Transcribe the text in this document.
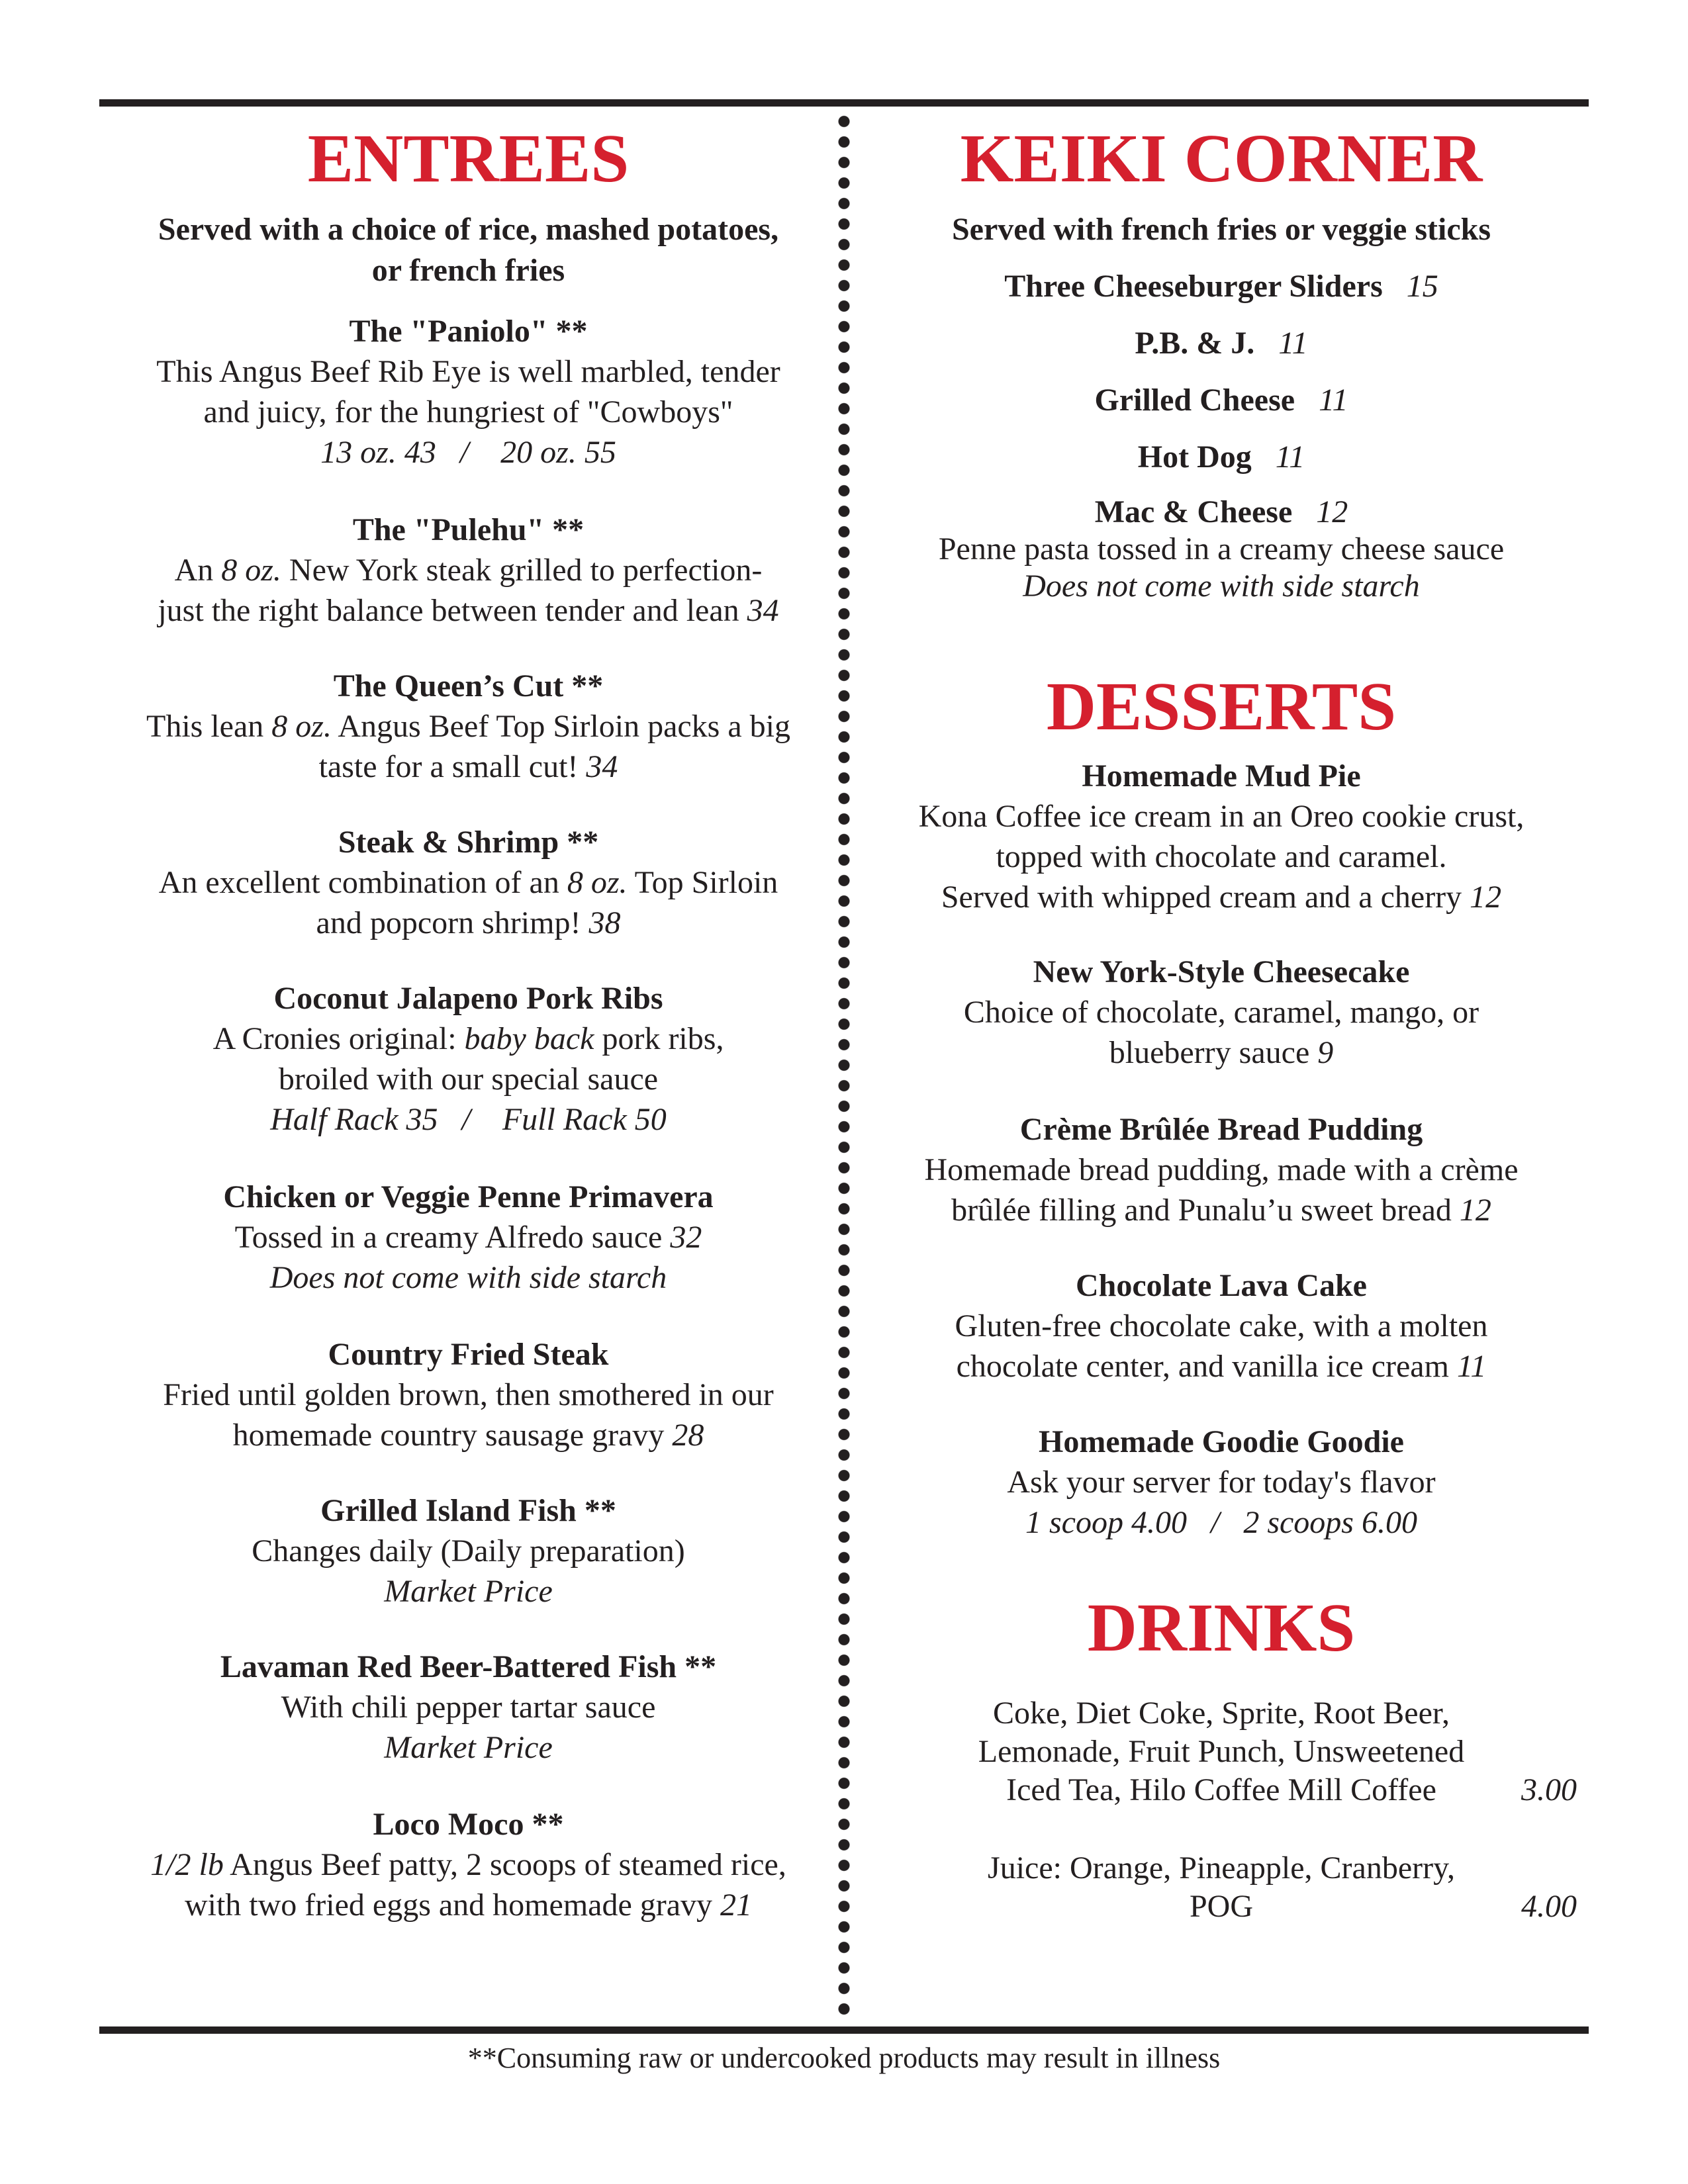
ENTREES
Served with a choice of rice, mashed potatoes,
or french fries
The "Paniolo" **
This Angus Beef Rib Eye is well marbled, tender
and juicy, for the hungriest of "Cowboys"
13 oz. 43   /    20 oz. 55
The "Pulehu" **
An 8 oz. New York steak grilled to perfection-
just the right balance between tender and lean 34
The Queen’s Cut **
This lean 8 oz. Angus Beef Top Sirloin packs a big
taste for a small cut! 34
Steak & Shrimp **
An excellent combination of an 8 oz. Top Sirloin
and popcorn shrimp! 38
Coconut Jalapeno Pork Ribs
A Cronies original: baby back pork ribs,
broiled with our special sauce
Half Rack 35   /    Full Rack 50
Chicken or Veggie Penne Primavera
Tossed in a creamy Alfredo sauce 32
Does not come with side starch
Country Fried Steak
Fried until golden brown, then smothered in our
homemade country sausage gravy 28
Grilled Island Fish **
Changes daily (Daily preparation)
Market Price
Lavaman Red Beer-Battered Fish **
With chili pepper tartar sauce
Market Price
Loco Moco **
1/2 lb Angus Beef patty, 2 scoops of steamed rice,
with two fried eggs and homemade gravy 21
KEIKI CORNER
Served with french fries or veggie sticks
Three Cheeseburger Sliders 15
P.B. & J. 11
Grilled Cheese 11
Hot Dog 11
Mac & Cheese 12
Penne pasta tossed in a creamy cheese sauce
Does not come with side starch
DESSERTS
Homemade Mud Pie
Kona Coffee ice cream in an Oreo cookie crust,
topped with chocolate and caramel.
Served with whipped cream and a cherry 12
New York-Style Cheesecake
Choice of chocolate, caramel, mango, or
blueberry sauce 9
Crème Brûlée Bread Pudding
Homemade bread pudding, made with a crème
brûlée filling and Punalu’u sweet bread 12
Chocolate Lava Cake
Gluten-free chocolate cake, with a molten
chocolate center, and vanilla ice cream 11
Homemade Goodie Goodie
Ask your server for today's flavor
1 scoop 4.00   /   2 scoops 6.00
DRINKS
Coke, Diet Coke, Sprite, Root Beer,
Lemonade, Fruit Punch, Unsweetened
Iced Tea, Hilo Coffee Mill Coffee	3.00
Juice: Orange, Pineapple, Cranberry,
POG	4.00
**Consuming raw or undercooked products may result in illness
